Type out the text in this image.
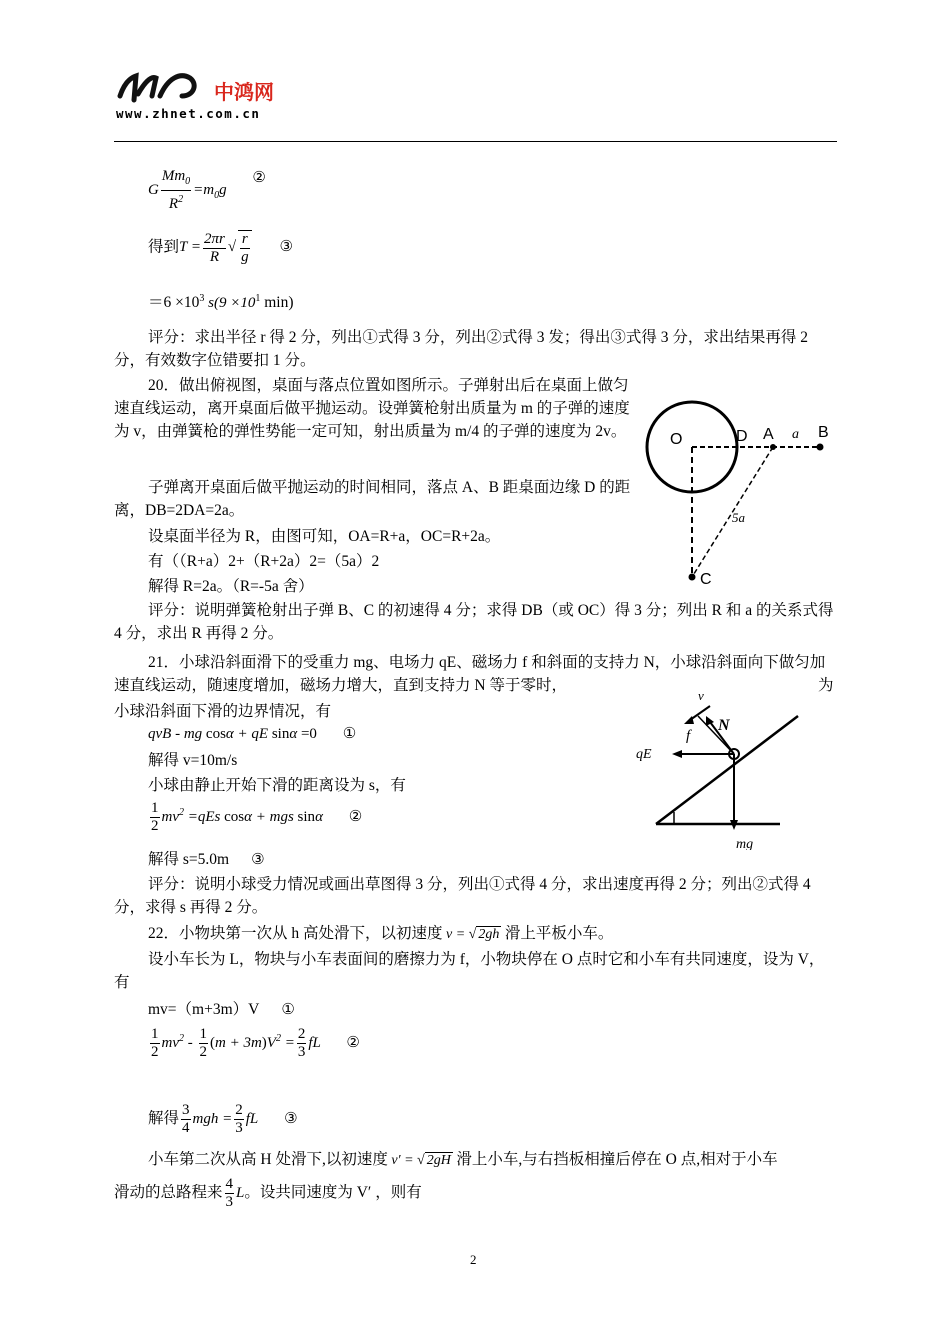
中鸿网
www.zhnet.com.cn
G $\frac{Mm_0}{R^2} =m_0g$ ②
得到$T = \frac{2\pi r}{R}$ √ $\frac{r}{g}$ ③
$=6 \times 10^3$ $s(9 \times 10^1$ min)
评分：求出半径 r 得 2 分，列出①式得 3 分，列出②式得 3 发；得出③式得 3 分，求出结果再得 2 分，有效数字位错要扣 1 分。
20．做出俯视图，桌面与落点位置如图所示。子弹射出后在桌面上做匀速直线运动，离开桌面后做平抛运动。设弹簧枪射出质量为 m 的子弹的速度为 v，由弹簧枪的弹性势能一定可知，射出质量为 m/4 的子弹的速度为 2v。
子弹离开桌面后做平抛运动的时间相同，落点 A、B 距桌面边缘 D 的距离，DB=2DA=2a。
设桌面半径为 R，由图可知，OA=R+a，OC=R+2a。
有（（R+a）2+（R+2a）2=（5a）2
解得 R=2a。（R=-5a 舍）
评分：说明弹簧枪射出子弹 B、C 的初速得 4 分；求得 DB（或 OC）得 3 分；列出 R 和 a 的关系式得 4 分，求出 R 再得 2 分。
O	D A a B
5a
C
21．小球沿斜面滑下的受重力 mg、电场力 qE、磁场力 f 和斜面的支持力 N，小球沿斜面向下做匀加速直线运动，随速度增加，磁场力增大，直到支持力 N 等于零时，	为
小球沿斜面下滑的边界情况，有
qvB - mg cosα + qE sinα =0 ①
解得 v=10m/s
小球由静止开始下滑的距离设为 s，有
$\frac{1}{2} mv^2 =qEs$ cosα + mgs sinα ②
解得 s=5.0m ③
评分：说明小球受力情况或画出草图得 3 分，列出①式得 4 分，求出速度再得 2 分；列出②式得 4 分，求得 s 再得 2 分。
v
f
N
qE
mg
22．小物块第一次从 h 高处滑下，以初速度 v = √ 2gh 滑上平板小车。
设小车长为 L，物块与小车表面间的磨擦力为 f，小物块停在 O 点时它和小车有共同速度，设为 V，有
mv=（m+3m）V ①
$\frac{1}{2} mv^2 - \frac{1}{2} (m + 3m)V^2 = \frac{2}{3}$ fL ②
解得 $\frac{3}{4}$ mgh = $\frac{2}{3}$ fL ③
小车第二次从高 H 处滑下,以初速度 v′ = √ 2gH 滑上小车,与右挡板相撞后停在 O 点,相对于小车
滑动的总路程来 $\frac{4}{3}$ L。设共同速度为 V′ ，则有
2
